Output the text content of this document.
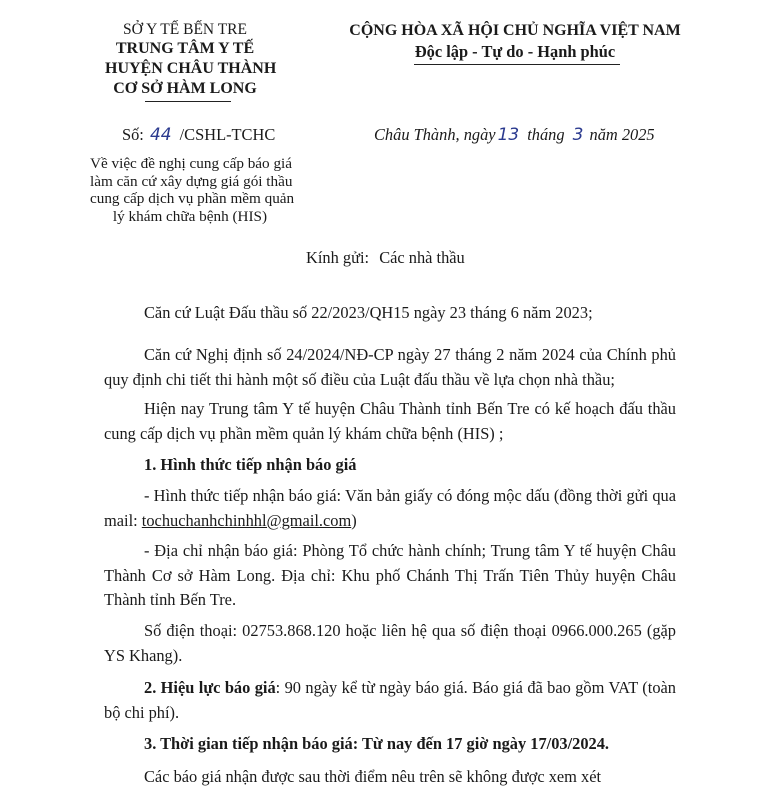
SỞ Y TẾ BẾN TRE
TRUNG TÂM Y TẾ
HUYỆN CHÂU THÀNH
CƠ SỞ HÀM LONG
CỘNG HÒA XÃ HỘI CHỦ NGHĨA VIỆT NAM
Độc lập - Tự do - Hạnh phúc
Số: 44 /CSHL-TCHC	Châu Thành, ngày 13 tháng 3 năm 2025
Về việc đề nghị cung cấp báo giá
làm căn cứ xây dựng giá gói thầu
cung cấp dịch vụ phần mềm quản
lý khám chữa bệnh (HIS)
Kính gửi: Các nhà thầu
Căn cứ Luật Đấu thầu số 22/2023/QH15 ngày 23 tháng 6 năm 2023;
Căn cứ Nghị định số 24/2024/NĐ-CP ngày 27 tháng 2 năm 2024 của Chính phủ quy định chi tiết thi hành một số điều của Luật đấu thầu về lựa chọn nhà thầu;
Hiện nay Trung tâm Y tế huyện Châu Thành tỉnh Bến Tre có kế hoạch đấu thầu cung cấp dịch vụ phần mềm quản lý khám chữa bệnh (HIS) ;
1. Hình thức tiếp nhận báo giá
- Hình thức tiếp nhận báo giá: Văn bản giấy có đóng mộc dấu (đồng thời gửi qua mail: tochuchanhchinhhl@gmail.com)
- Địa chỉ nhận báo giá: Phòng Tổ chức hành chính; Trung tâm Y tế huyện Châu Thành Cơ sở Hàm Long. Địa chỉ: Khu phố Chánh Thị Trấn Tiên Thủy huyện Châu Thành tỉnh Bến Tre.
Số điện thoại: 02753.868.120 hoặc liên hệ qua số điện thoại 0966.000.265 (gặp YS Khang).
2. Hiệu lực báo giá: 90 ngày kể từ ngày báo giá. Báo giá đã bao gồm VAT (toàn bộ chi phí).
3. Thời gian tiếp nhận báo giá: Từ nay đến 17 giờ ngày 17/03/2024.
Các báo giá nhận được sau thời điểm nêu trên sẽ không được xem xét
